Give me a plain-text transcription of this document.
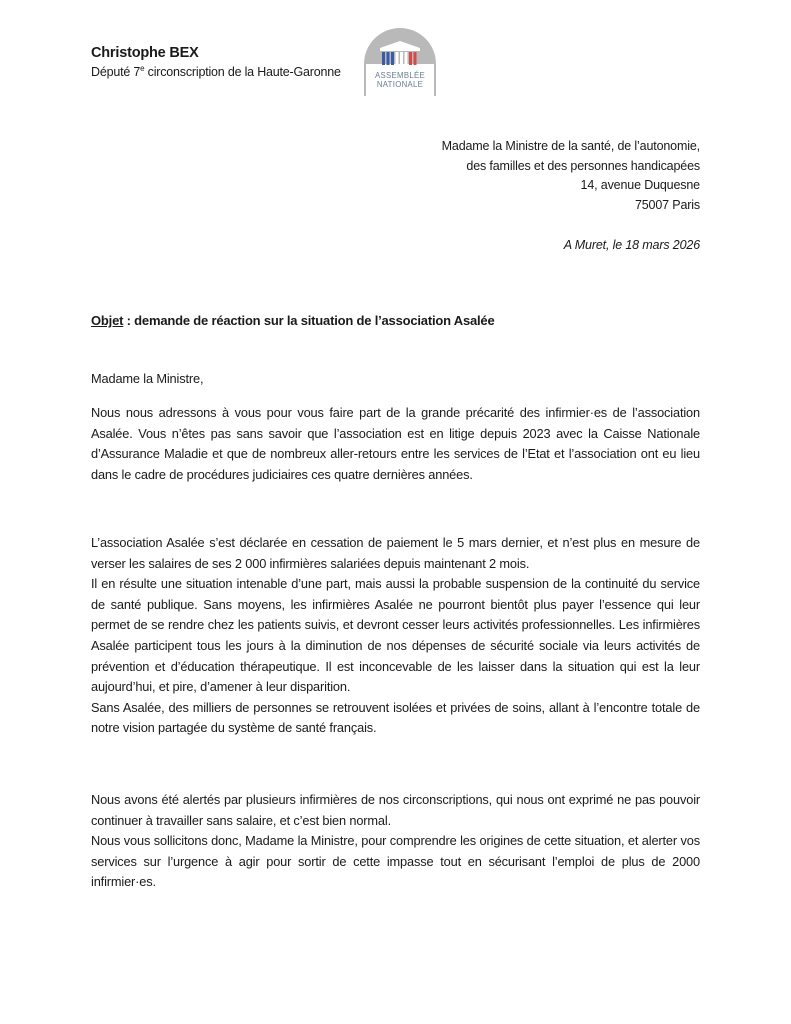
Christophe BEX
Député 7e circonscription de la Haute-Garonne	ASSEMBLÉE
NATIONALE
Madame la Ministre de la santé, de l’autonomie,
des familles et des personnes handicapées
14, avenue Duquesne
75007 Paris
A Muret, le 18 mars 2026
Objet : demande de réaction sur la situation de l’association Asalée
Madame la Ministre,

Nous nous adressons à vous pour vous faire part de la grande précarité des infirmier·es de l’association Asalée. Vous n’êtes pas sans savoir que l’association est en litige depuis 2023 avec la Caisse Nationale d’Assurance Maladie et que de nombreux aller-retours entre les services de l’Etat et l’association ont eu lieu dans le cadre de procédures judiciaires ces quatre dernières années.

L’association Asalée s’est déclarée en cessation de paiement le 5 mars dernier, et n’est plus en mesure de verser les salaires de ses 2 000 infirmières salariées depuis maintenant 2 mois.

Il en résulte une situation intenable d’une part, mais aussi la probable suspension de la continuité du service de santé publique. Sans moyens, les infirmières Asalée ne pourront bientôt plus payer l’essence qui leur permet de se rendre chez les patients suivis, et devront cesser leurs activités professionnelles. Les infirmières Asalée participent tous les jours à la diminution de nos dépenses de sécurité sociale via leurs activités de prévention et d’éducation thérapeutique. Il est inconcevable de les laisser dans la situation qui est la leur aujourd’hui, et pire, d’amener à leur disparition.

Sans Asalée, des milliers de personnes se retrouvent isolées et privées de soins, allant à l’encontre totale de notre vision partagée du système de santé français.

Nous avons été alertés par plusieurs infirmières de nos circonscriptions, qui nous ont exprimé ne pas pouvoir continuer à travailler sans salaire, et c’est bien normal.

Nous vous sollicitons donc, Madame la Ministre, pour comprendre les origines de cette situation, et alerter vos services sur l’urgence à agir pour sortir de cette impasse tout en sécurisant l’emploi de plus de 2000 infirmier·es.
